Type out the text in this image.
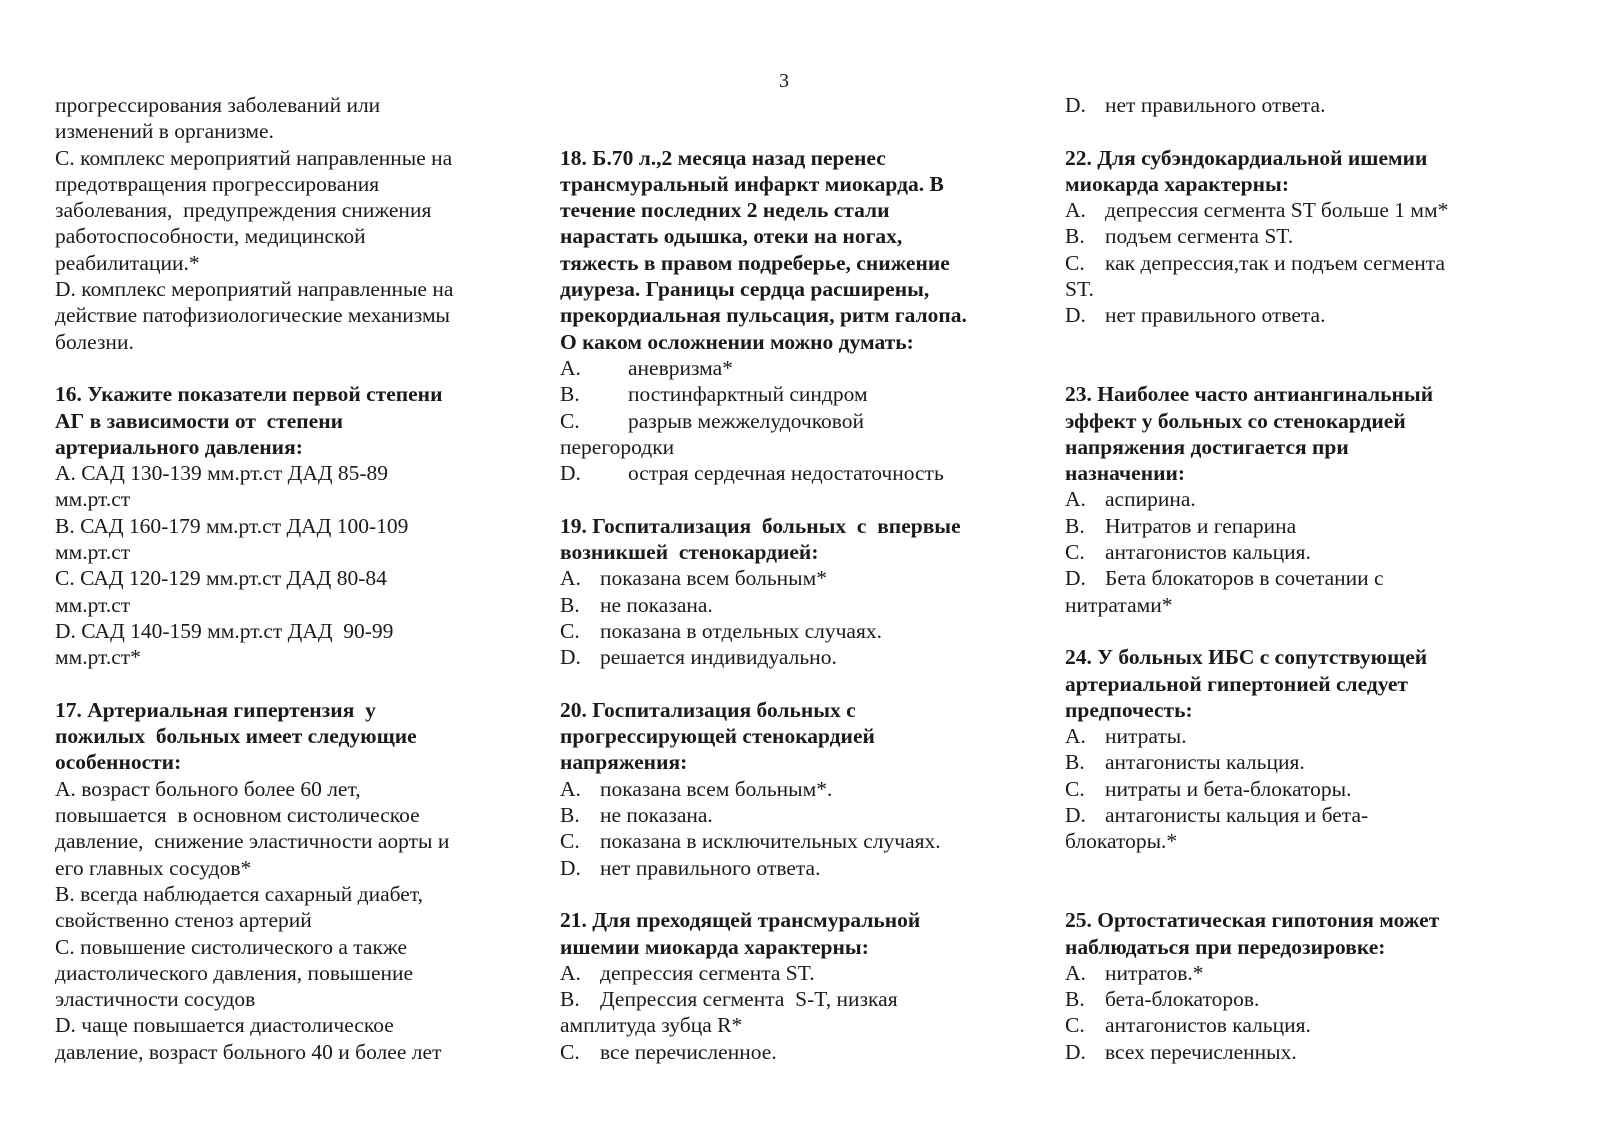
3
прогрессирования заболеваний или
изменений в организме.
С. комплекс мероприятий направленные на
предотвращения прогрессирования
заболевания,  предупреждения снижения
работоспособности, медицинской
реабилитации.*
D. комплекс мероприятий направленные на
действие патофизиологические механизмы
болезни.
16. Укажите показатели первой степени
АГ в зависимости от  степени
артериального давления:
А. САД 130-139 мм.рт.ст ДАД 85-89
мм.рт.ст
В. САД 160-179 мм.рт.ст ДАД 100-109
мм.рт.ст
С. САД 120-129 мм.рт.ст ДАД 80-84
мм.рт.ст
D. САД 140-159 мм.рт.ст ДАД  90-99
мм.рт.ст*
17. Артериальная гипертензия  у
пожилых  больных имеет следующие
особенности:
А. возраст больного более 60 лет,
повышается  в основном систолическое
давление,  снижение эластичности аорты и
его главных сосудов*
В. всегда наблюдается сахарный диабет,
свойственно стеноз артерий
С. повышение систолического а также
диастолического давления, повышение
эластичности сосудов
D. чаще повышается диастолическое
давление, возраст больного 40 и более лет
18. Б.70 л.,2 месяца назад перенес
трансмуральный инфаркт миокарда. В
течение последних 2 недель стали
нарастать одышка, отеки на ногах,
тяжесть в правом подреберье, снижение
диуреза. Границы сердца расширены,
прекордиальная пульсация, ритм галопа.
О каком осложнении можно думать:
A. аневризма*
B. постинфарктный синдром
C. разрыв межжелудочковой
перегородки
D. острая сердечная недостаточность
19. Госпитализация  больных  с  впервые
возникшей  стенокардией:
A. показана всем больным*
B. не показана.
C. показана в отдельных случаях.
D. решается индивидуально.
20. Госпитализация больных с
прогрессирующей стенокардией
напряжения:
A. показана всем больным*.
B. не показана.
C. показана в исключительных случаях.
D. нет правильного ответа.
21. Для преходящей трансмуральной
ишемии миокарда характерны:
A. депрессия сегмента ST.
B. Депрессия сегмента  S-T, низкая
амплитуда зубца R*
C. все перечисленное.
D. нет правильного ответа.
22. Для субэндокардиальной ишемии
миокарда характерны:
A. депрессия сегмента ST больше 1 мм*
B. подъем сегмента ST.
C. как депрессия,так и подъем сегмента
ST.
D. нет правильного ответа.
23. Наиболее часто антиангинальный
эффект у больных со стенокардией
напряжения достигается при
назначении:
A. аспирина.
B. Нитратов и гепарина
C. антагонистов кальция.
D. Бета блокаторов в сочетании с
нитратами*
24. У больных ИБС с сопутствующей
артериальной гипертонией следует
предпочесть:
A. нитраты.
B. антагонисты кальция.
C. нитраты и бета-блокаторы.
D. антагонисты кальция и бета-
блокаторы.*
25. Ортостатическая гипотония может
наблюдаться при передозировке:
A. нитратов.*
B. бета-блокаторов.
C. антагонистов кальция.
D. всех перечисленных.
